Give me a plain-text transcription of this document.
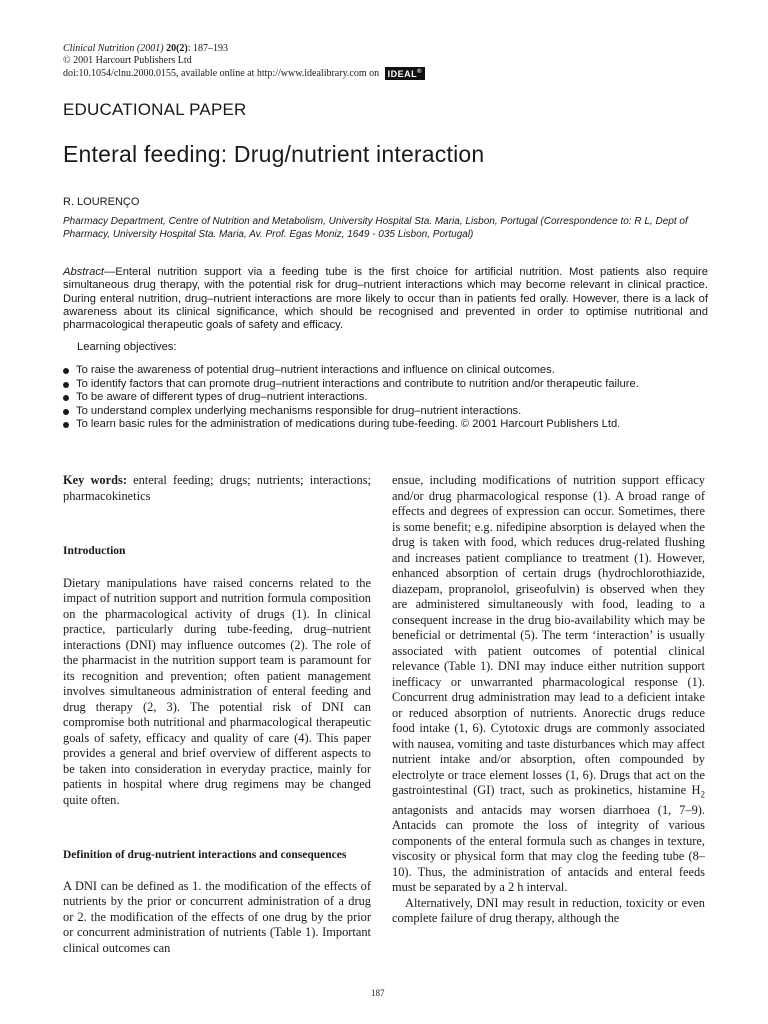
Clinical Nutrition (2001) 20(2): 187–193
© 2001 Harcourt Publishers Ltd
doi:10.1054/clnu.2000.0155, available online at http://www.idealibrary.com on IDEAL®
EDUCATIONAL PAPER
Enteral feeding: Drug/nutrient interaction
R. LOURENÇO
Pharmacy Department, Centre of Nutrition and Metabolism, University Hospital Sta. Maria, Lisbon, Portugal (Correspondence to: R L, Dept of Pharmacy, University Hospital Sta. Maria, Av. Prof. Egas Moniz, 1649 - 035 Lisbon, Portugal)
Abstract—Enteral nutrition support via a feeding tube is the first choice for artificial nutrition. Most patients also require simultaneous drug therapy, with the potential risk for drug–nutrient interactions which may become relevant in clinical practice. During enteral nutrition, drug–nutrient interactions are more likely to occur than in patients fed orally. However, there is a lack of awareness about its clinical significance, which should be recognised and prevented in order to optimise nutritional and pharmacological therapeutic goals of safety and efficacy.
Learning objectives:
To raise the awareness of potential drug–nutrient interactions and influence on clinical outcomes.
To identify factors that can promote drug–nutrient interactions and contribute to nutrition and/or therapeutic failure.
To be aware of different types of drug–nutrient interactions.
To understand complex underlying mechanisms responsible for drug–nutrient interactions.
To learn basic rules for the administration of medications during tube-feeding. © 2001 Harcourt Publishers Ltd.

Key words: enteral feeding; drugs; nutrients; interactions; pharmacokinetics

Introduction

Dietary manipulations have raised concerns related to the impact of nutrition support and nutrition formula composition on the pharmacological activity of drugs (1). In clinical practice, particularly during tube-feeding, drug–nutrient interactions (DNI) may influence outcomes (2). The role of the pharmacist in the nutrition support team is paramount for its recognition and prevention; often patient management involves simultaneous administration of enteral feeding and drug therapy (2, 3). The potential risk of DNI can compromise both nutritional and pharmacological therapeutic goals of safety, efficacy and quality of care (4). This paper provides a general and brief overview of different aspects to be taken into consideration in everyday practice, mainly for patients in hospital where drug regimens may be changed quite often.

Definition of drug-nutrient interactions and consequences

A DNI can be defined as 1. the modification of the effects of nutrients by the prior or concurrent administration of a drug or 2. the modification of the effects of one drug by the prior or concurrent administration of nutrients (Table 1). Important clinical outcomes can

ensue, including modifications of nutrition support efficacy and/or drug pharmacological response (1). A broad range of effects and degrees of expression can occur. Sometimes, there is some benefit; e.g. nifedipine absorption is delayed when the drug is taken with food, which reduces drug-related flushing and increases patient compliance to treatment (1). However, enhanced absorption of certain drugs (hydrochlorothiazide, diazepam, propranolol, griseofulvin) is observed when they are administered simultaneously with food, leading to a consequent increase in the drug bio-availability which may be beneficial or detrimental (5). The term ‘interaction’ is usually associated with patient outcomes of potential clinical relevance (Table 1). DNI may induce either nutrition support inefficacy or unwarranted pharmacological response (1). Concurrent drug administration may lead to a deficient intake or reduced absorption of nutrients. Anorectic drugs reduce food intake (1, 6). Cytotoxic drugs are commonly associated with nausea, vomiting and taste disturbances which may affect nutrient intake and/or absorption, often compounded by electrolyte or trace element losses (1, 6). Drugs that act on the gastrointestinal (GI) tract, such as prokinetics, histamine $H_2$ antagonists and antacids may worsen diarrhoea (1, 7–9). Antacids can promote the loss of integrity of various components of the enteral formula such as changes in texture, viscosity or physical form that may clog the feeding tube (8–10). Thus, the administration of antacids and enteral feeds must be separated by a 2 h interval.

Alternatively, DNI may result in reduction, toxicity or even complete failure of drug therapy, although the

187
